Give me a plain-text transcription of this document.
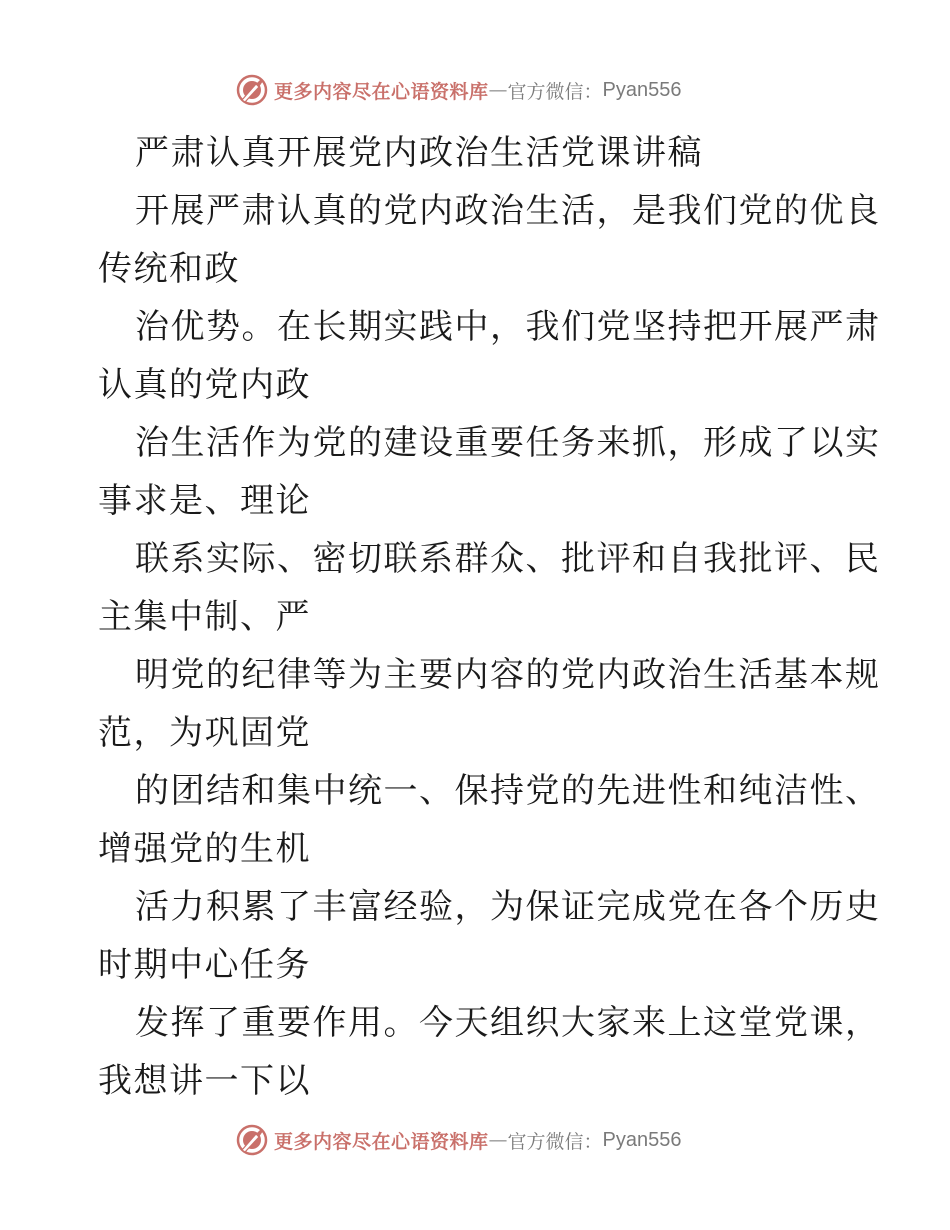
更多内容尽在心语资料库 — 官方微信： Pyan556
严肃认真开展党内政治生活党课讲稿
开展严肃认真的党内政治生活，是我们党的优良
传统和政
治优势。在长期实践中，我们党坚持把开展严肃
认真的党内政
治生活作为党的建设重要任务来抓，形成了以实
事求是、理论
联系实际、密切联系群众、批评和自我批评、民
主集中制、严
明党的纪律等为主要内容的党内政治生活基本规
范，为巩固党
的团结和集中统一、保持党的先进性和纯洁性、
增强党的生机
活力积累了丰富经验，为保证完成党在各个历史
时期中心任务
发挥了重要作用。今天组织大家来上这堂党课，
我想讲一下以
更多内容尽在心语资料库 — 官方微信： Pyan556
